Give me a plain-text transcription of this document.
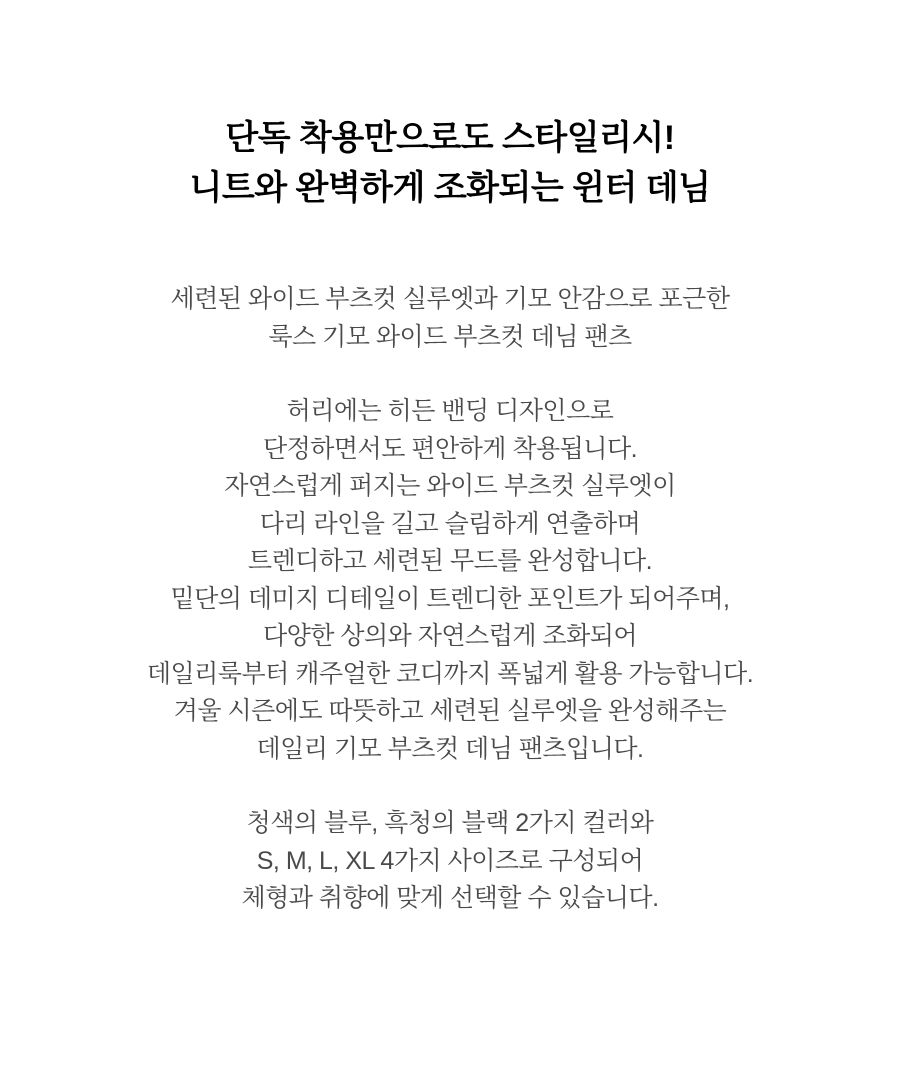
단독 착용만으로도 스타일리시!
니트와 완벽하게 조화되는 윈터 데님

세련된 와이드 부츠컷 실루엣과 기모 안감으로 포근한
룩스 기모 와이드 부츠컷 데님 팬츠

허리에는 히든 밴딩 디자인으로
단정하면서도 편안하게 착용됩니다.
자연스럽게 퍼지는 와이드 부츠컷 실루엣이
다리 라인을 길고 슬림하게 연출하며
트렌디하고 세련된 무드를 완성합니다.
밑단의 데미지 디테일이 트렌디한 포인트가 되어주며,
다양한 상의와 자연스럽게 조화되어
데일리룩부터 캐주얼한 코디까지 폭넓게 활용 가능합니다.
겨울 시즌에도 따뜻하고 세련된 실루엣을 완성해주는
데일리 기모 부츠컷 데님 팬츠입니다.

청색의 블루, 흑청의 블랙 2가지 컬러와
S, M, L, XL 4가지 사이즈로 구성되어
체형과 취향에 맞게 선택할 수 있습니다.
